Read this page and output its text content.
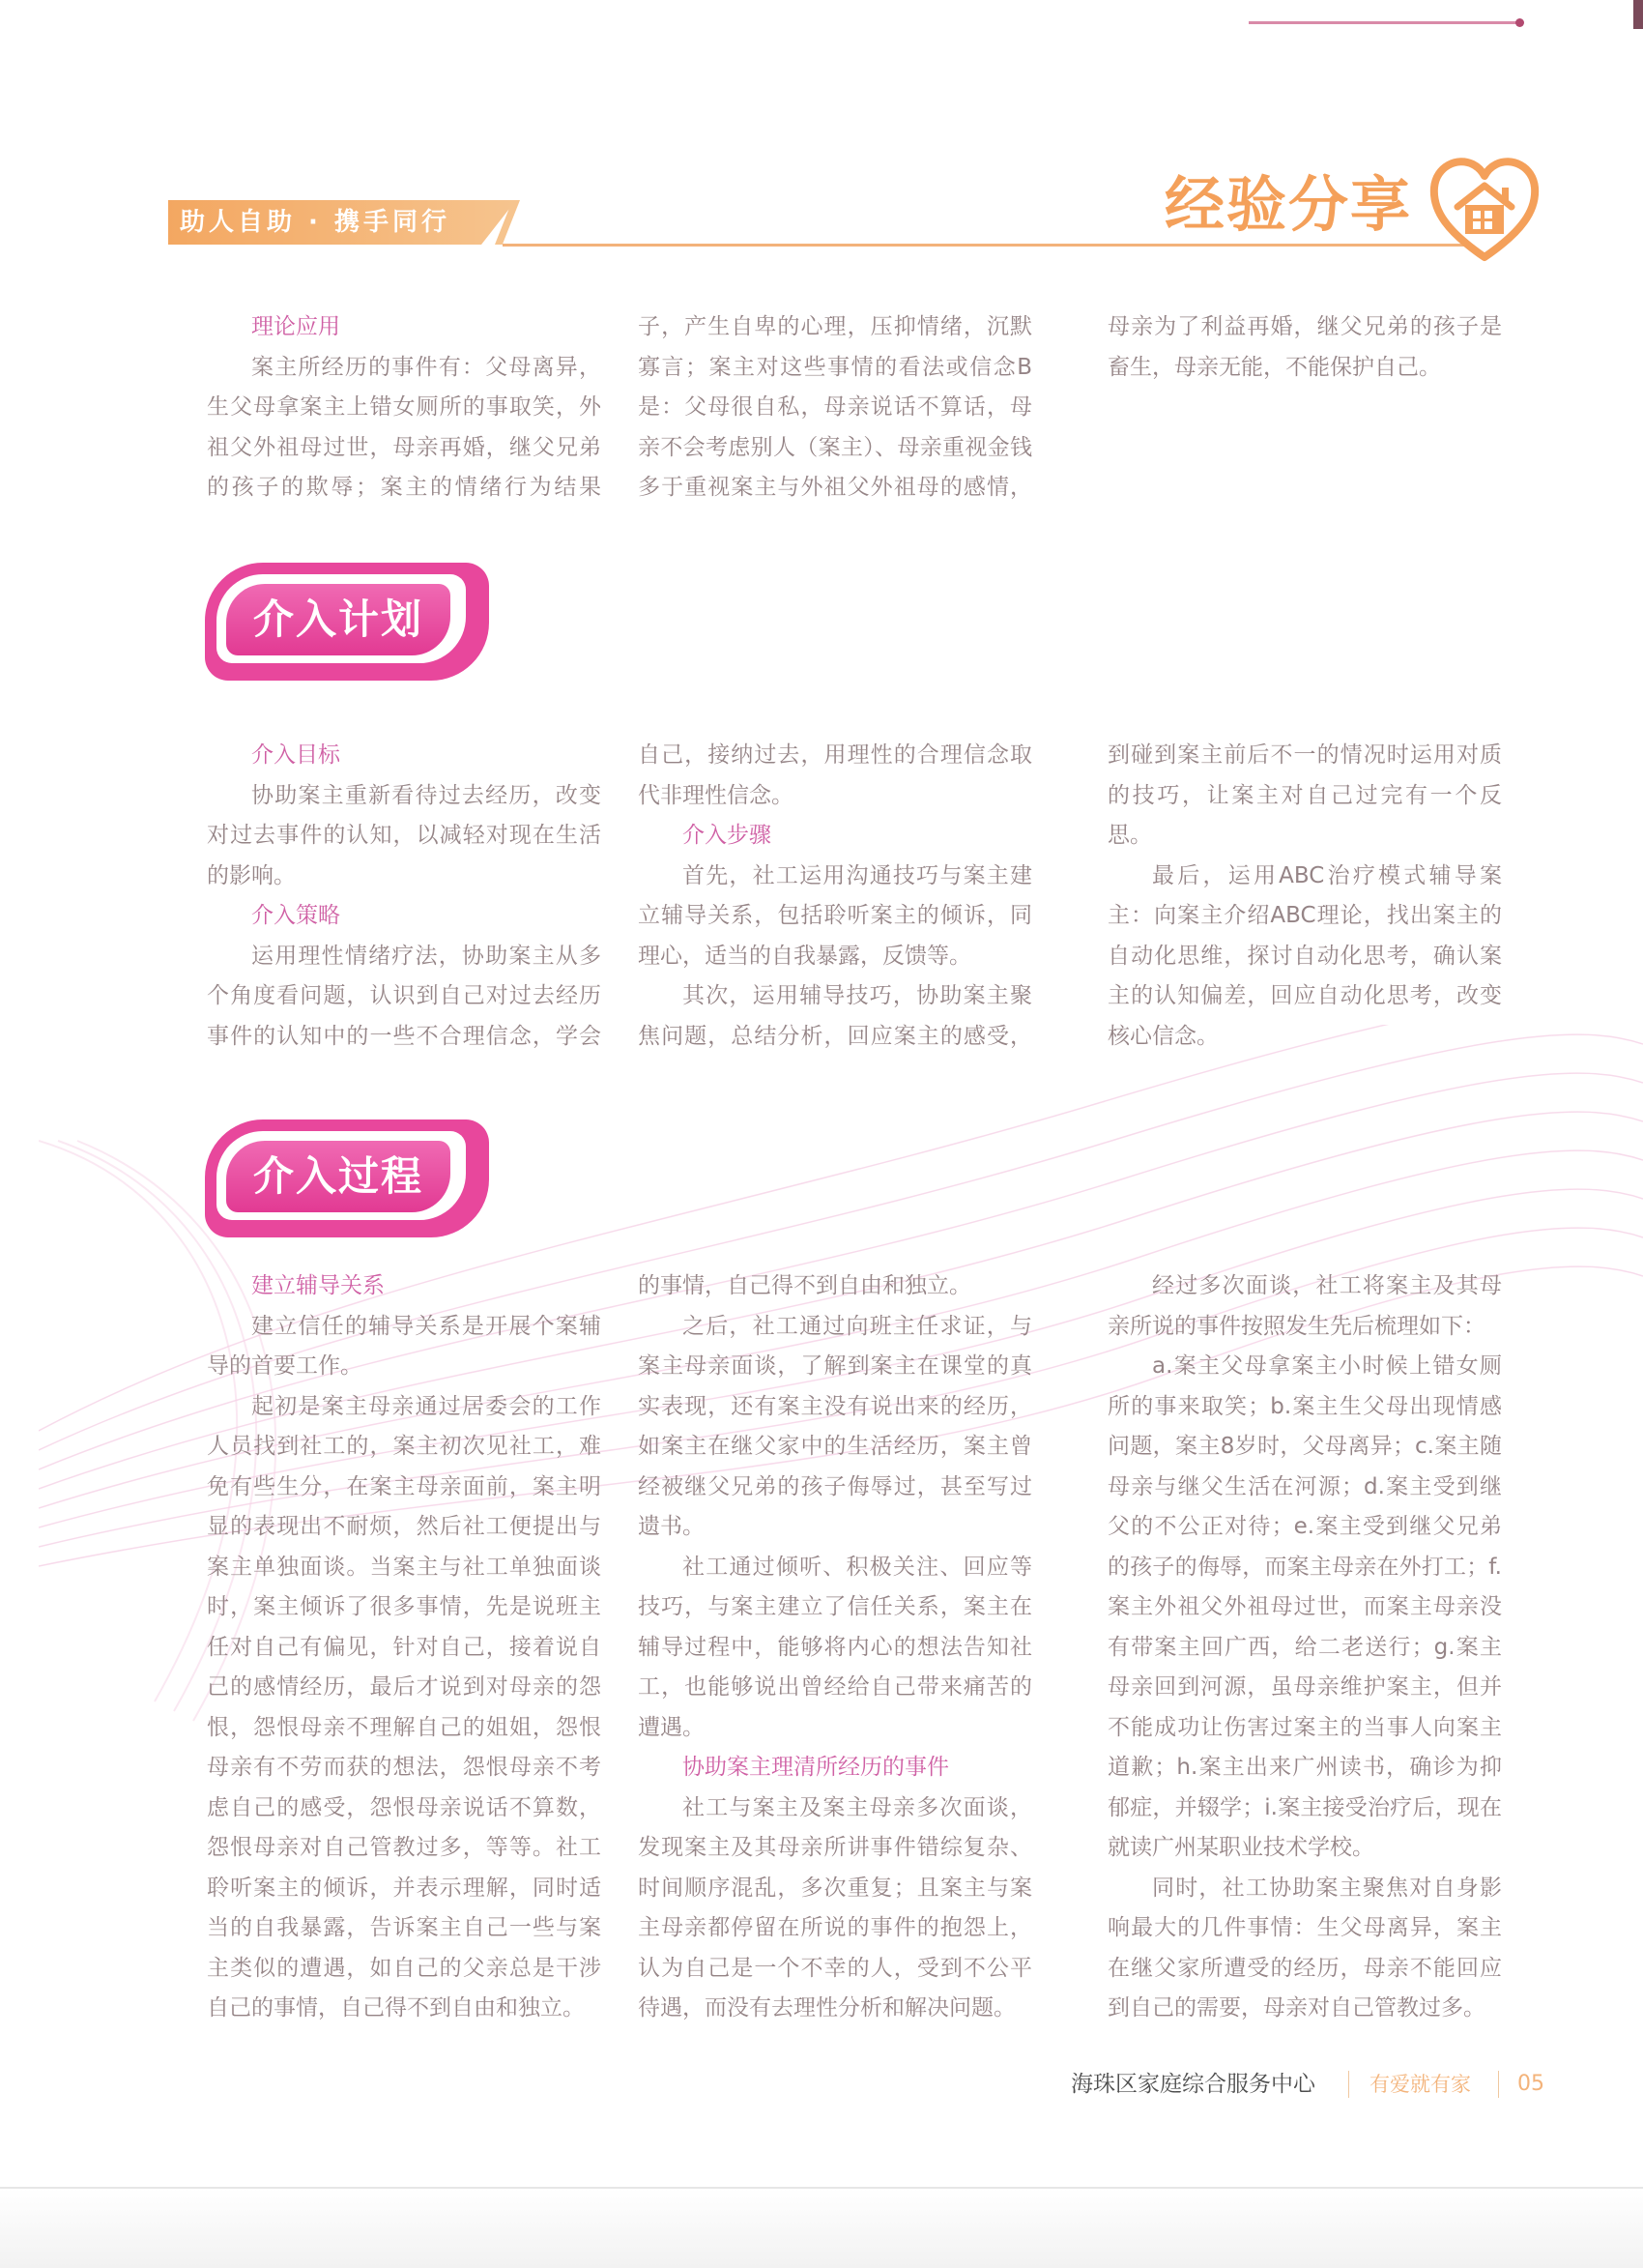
助人自助 · 携手同行	经验分享
理论应用

案主所经历的事件有：父母离异，生父母拿案主上错女厕所的事取笑，外祖父外祖母过世，母亲再婚，继父兄弟的孩子的欺辱；案主的情绪行为结果

子，产生自卑的心理，压抑情绪，沉默寡言；案主对这些事情的看法或信念B是：父母很自私，母亲说话不算话，母亲不会考虑别人（案主）、母亲重视金钱多于重视案主与外祖父外祖母的感情，

母亲为了利益再婚，继父兄弟的孩子是畜生，母亲无能，不能保护自己。

介入计划
介入目标

协助案主重新看待过去经历，改变对过去事件的认知，以减轻对现在生活的影响。

介入策略

运用理性情绪疗法，协助案主从多个角度看问题，认识到自己对过去经历事件的认知中的一些不合理信念，学会

自己，接纳过去，用理性的合理信念取代非理性信念。

介入步骤

首先，社工运用沟通技巧与案主建立辅导关系，包括聆听案主的倾诉，同理心，适当的自我暴露，反馈等。

其次，运用辅导技巧，协助案主聚焦问题，总结分析，回应案主的感受，

到碰到案主前后不一的情况时运用对质的技巧，让案主对自己过完有一个反思。

最后，运用ABC治疗模式辅导案主：向案主介绍ABC理论，找出案主的自动化思维，探讨自动化思考，确认案主的认知偏差，回应自动化思考，改变核心信念。

介入过程
建立辅导关系

建立信任的辅导关系是开展个案辅导的首要工作。

起初是案主母亲通过居委会的工作人员找到社工的，案主初次见社工，难免有些生分，在案主母亲面前，案主明显的表现出不耐烦，然后社工便提出与案主单独面谈。当案主与社工单独面谈时，案主倾诉了很多事情，先是说班主任对自己有偏见，针对自己，接着说自己的感情经历，最后才说到对母亲的怨恨，怨恨母亲不理解自己的姐姐，怨恨母亲有不劳而获的想法，怨恨母亲不考虑自己的感受，怨恨母亲说话不算数，怨恨母亲对自己管教过多，等等。社工聆听案主的倾诉，并表示理解，同时适当的自我暴露，告诉案主自己一些与案主类似的遭遇，如自己的父亲总是干涉自己的事情，自己得不到自由和独立。

的事情，自己得不到自由和独立。

之后，社工通过向班主任求证，与案主母亲面谈，了解到案主在课堂的真实表现，还有案主没有说出来的经历，如案主在继父家中的生活经历，案主曾经被继父兄弟的孩子侮辱过，甚至写过遗书。

社工通过倾听、积极关注、回应等技巧，与案主建立了信任关系，案主在辅导过程中，能够将内心的想法告知社工，也能够说出曾经给自己带来痛苦的遭遇。

协助案主理清所经历的事件

社工与案主及案主母亲多次面谈，发现案主及其母亲所讲事件错综复杂、时间顺序混乱，多次重复；且案主与案主母亲都停留在所说的事件的抱怨上，认为自己是一个不幸的人，受到不公平待遇，而没有去理性分析和解决问题。

经过多次面谈，社工将案主及其母亲所说的事件按照发生先后梳理如下：

a.案主父母拿案主小时候上错女厕所的事来取笑；b.案主生父母出现情感问题，案主8岁时，父母离异；c.案主随母亲与继父生活在河源；d.案主受到继父的不公正对待；e.案主受到继父兄弟的孩子的侮辱，而案主母亲在外打工；f.案主外祖父外祖母过世，而案主母亲没有带案主回广西，给二老送行；g.案主母亲回到河源，虽母亲维护案主，但并不能成功让伤害过案主的当事人向案主道歉；h.案主出来广州读书，确诊为抑郁症，并辍学；i.案主接受治疗后，现在就读广州某职业技术学校。

同时，社工协助案主聚焦对自身影响最大的几件事情：生父母离异，案主在继父家所遭受的经历，母亲不能回应到自己的需要，母亲对自己管教过多。

海珠区家庭综合服务中心	有爱就有家 05
